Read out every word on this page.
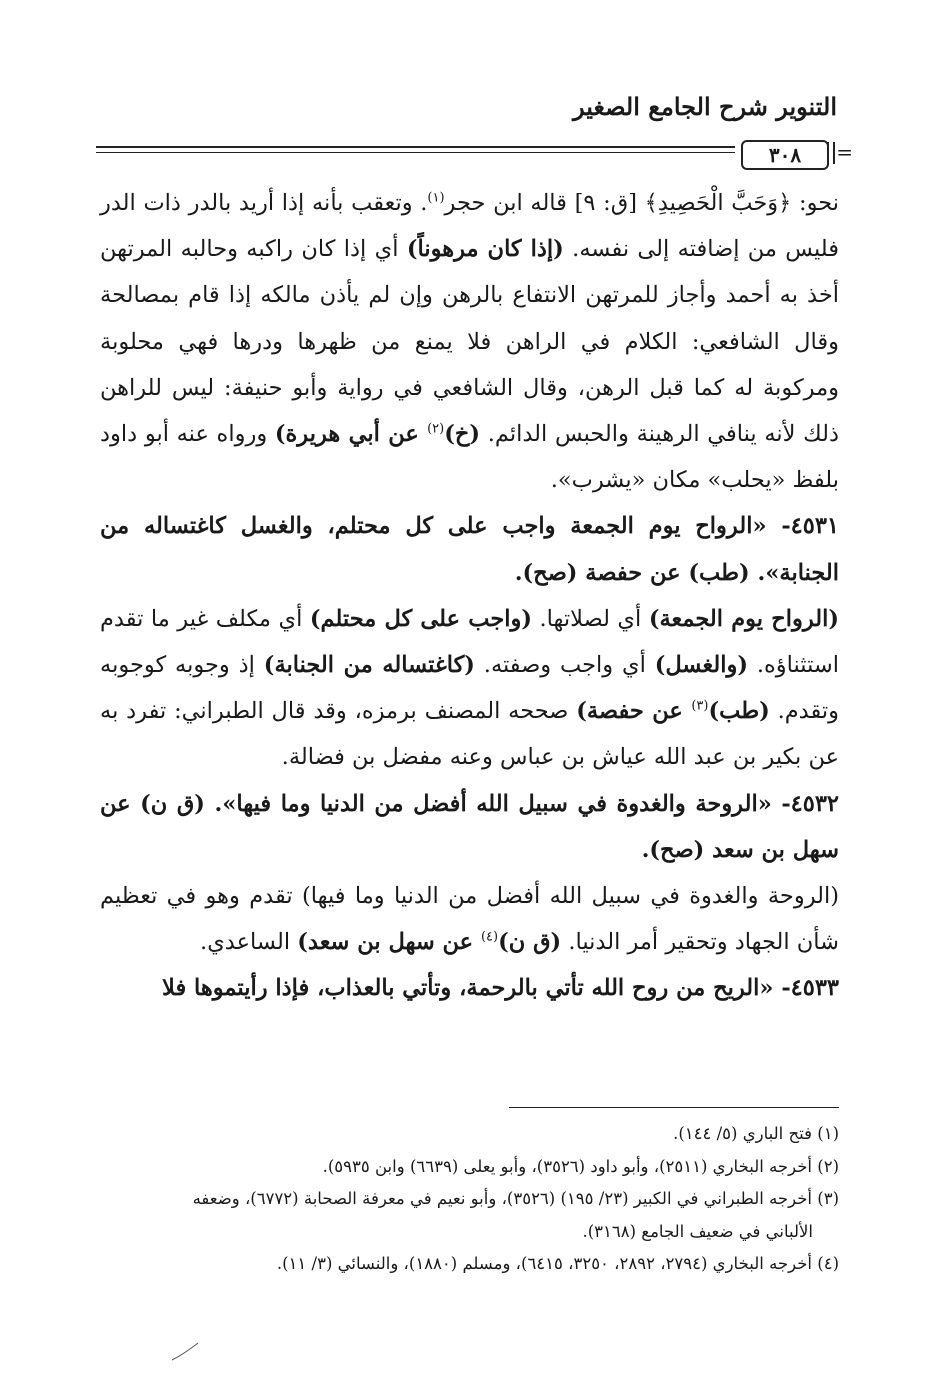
التنوير شرح الجامع الصغير
٣٠٨	=

نحو: ﴿وَحَبَّ الْحَصِيدِ﴾ [ق: ٩] قاله ابن حجر$^{(١)}$. وتعقب بأنه إذا أريد بالدر ذات الدر فليس من إضافته إلى نفسه. (إذا كان مرهوناً) أي إذا كان راكبه وحالبه المرتهن أخذ به أحمد وأجاز للمرتهن الانتفاع بالرهن وإن لم يأذن مالكه إذا قام بمصالحة وقال الشافعي: الكلام في الراهن فلا يمنع من ظهرها ودرها فهي محلوبة ومركوبة له كما قبل الرهن، وقال الشافعي في رواية وأبو حنيفة: ليس للراهن ذلك لأنه ينافي الرهينة والحبس الدائم. (خ)$^{(٢)}$ عن أبي هريرة) ورواه عنه أبو داود بلفظ «يحلب» مكان «يشرب».

٤٥٣١- «الرواح يوم الجمعة واجب على كل محتلم، والغسل كاغتساله من الجنابة». (طب) عن حفصة (صح).

(الرواح يوم الجمعة) أي لصلاتها. (واجب على كل محتلم) أي مكلف غير ما تقدم استثناؤه. (والغسل) أي واجب وصفته. (كاغتساله من الجنابة) إذ وجوبه كوجوبه وتقدم. (طب)$^{(٣)}$ عن حفصة) صححه المصنف برمزه، وقد قال الطبراني: تفرد به عن بكير بن عبد الله عياش بن عباس وعنه مفضل بن فضالة.

٤٥٣٢- «الروحة والغدوة في سبيل الله أفضل من الدنيا وما فيها». (ق ن) عن سهل بن سعد (صح).

(الروحة والغدوة في سبيل الله أفضل من الدنيا وما فيها) تقدم وهو في تعظيم شأن الجهاد وتحقير أمر الدنيا. (ق ن)$^{(٤)}$ عن سهل بن سعد) الساعدي.

٤٥٣٣- «الريح من روح الله تأتي بالرحمة، وتأتي بالعذاب، فإذا رأيتموها فلا

(١) فتح الباري (٥/ ١٤٤).

(٢) أخرجه البخاري (٢٥١١)، وأبو داود (٣٥٢٦)، وأبو يعلى (٦٦٣٩) وابن ٥٩٣٥).

(٣) أخرجه الطبراني في الكبير (٢٣/ ١٩٥) (٣٥٢٦)، وأبو نعيم في معرفة الصحابة (٦٧٧٢)، وضعفه

الألباني في ضعيف الجامع (٣١٦٨).

(٤) أخرجه البخاري (٢٧٩٤، ٢٨٩٢، ٣٢٥٠، ٦٤١٥)، ومسلم (١٨٨٠)، والنسائي (٣/ ١١).
